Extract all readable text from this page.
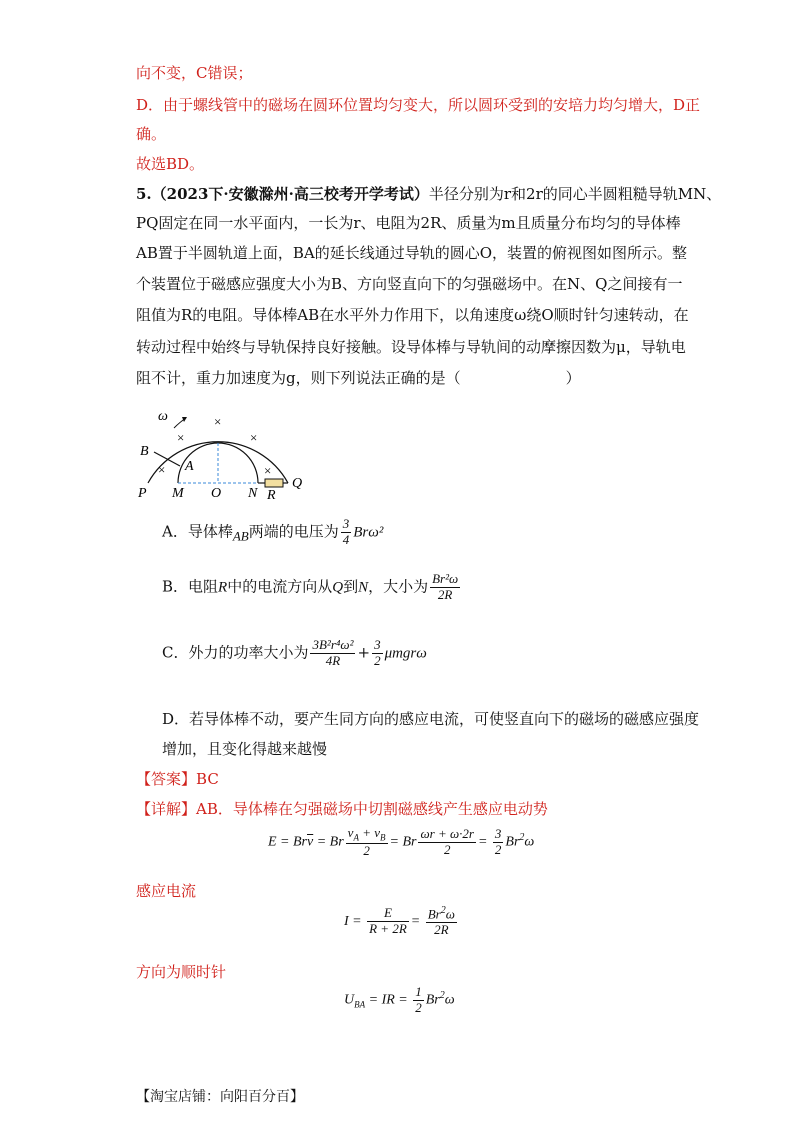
向不变，C错误；
D．由于螺线管中的磁场在圆环位置均匀变大，所以圆环受到的安培力均匀增大，D正
确。
故选BD。
5.（2023下·安徽滁州·高三校考开学考试）半径分别为r和2r的同心半圆粗糙导轨MN、
PQ固定在同一水平面内，一长为r、电阻为2R、质量为m且质量分布均匀的导体棒
AB置于半圆轨道上面，BA的延长线通过导轨的圆心O，装置的俯视图如图所示。整
个装置位于磁感应强度大小为B、方向竖直向下的匀强磁场中。在N、Q之间接有一
阻值为R的电阻。导体棒AB在水平外力作用下，以角速度ω绕O顺时针匀速转动，在
转动过程中始终与导轨保持良好接触。设导体棒与导轨间的动摩擦因数为μ，导轨电
阻不计，重力加速度为g，则下列说法正确的是（　　　　　　　）
×
×
×
×	×
ω
B
A
P M O N R
Q
A．导体棒AB两端的电压为 $\frac{3}{4} Br\omega^2$
B．电阻R中的电流方向从Q到N，大小为 $\frac{\text{Br²ω}}{2R}$
C．外力的功率大小为 $\frac{\text{3B²r⁴ω²}}{4R} + \frac{3}{2}$ μmgrω
D．若导体棒不动，要产生同方向的感应电流，可使竖直向下的磁场的磁感应强度
增加，且变化得越来越慢
【答案】BC
【详解】AB．导体棒在匀强磁场中切割磁感线产生感应电动势
$E = Br\overline{v} = Br \frac{v_A + v_B}{2} = Br \frac{\omega r + \omega\cdot 2r}{2} = \frac{3}{2} Br^2\omega$
感应电流
$I = \frac{E}{R + 2R} = \frac{Br^2\omega}{2R}$
方向为顺时针
$U_{BA}$ = IR = $\frac{1}{2} Br^2\omega$
【淘宝店铺：向阳百分百】
